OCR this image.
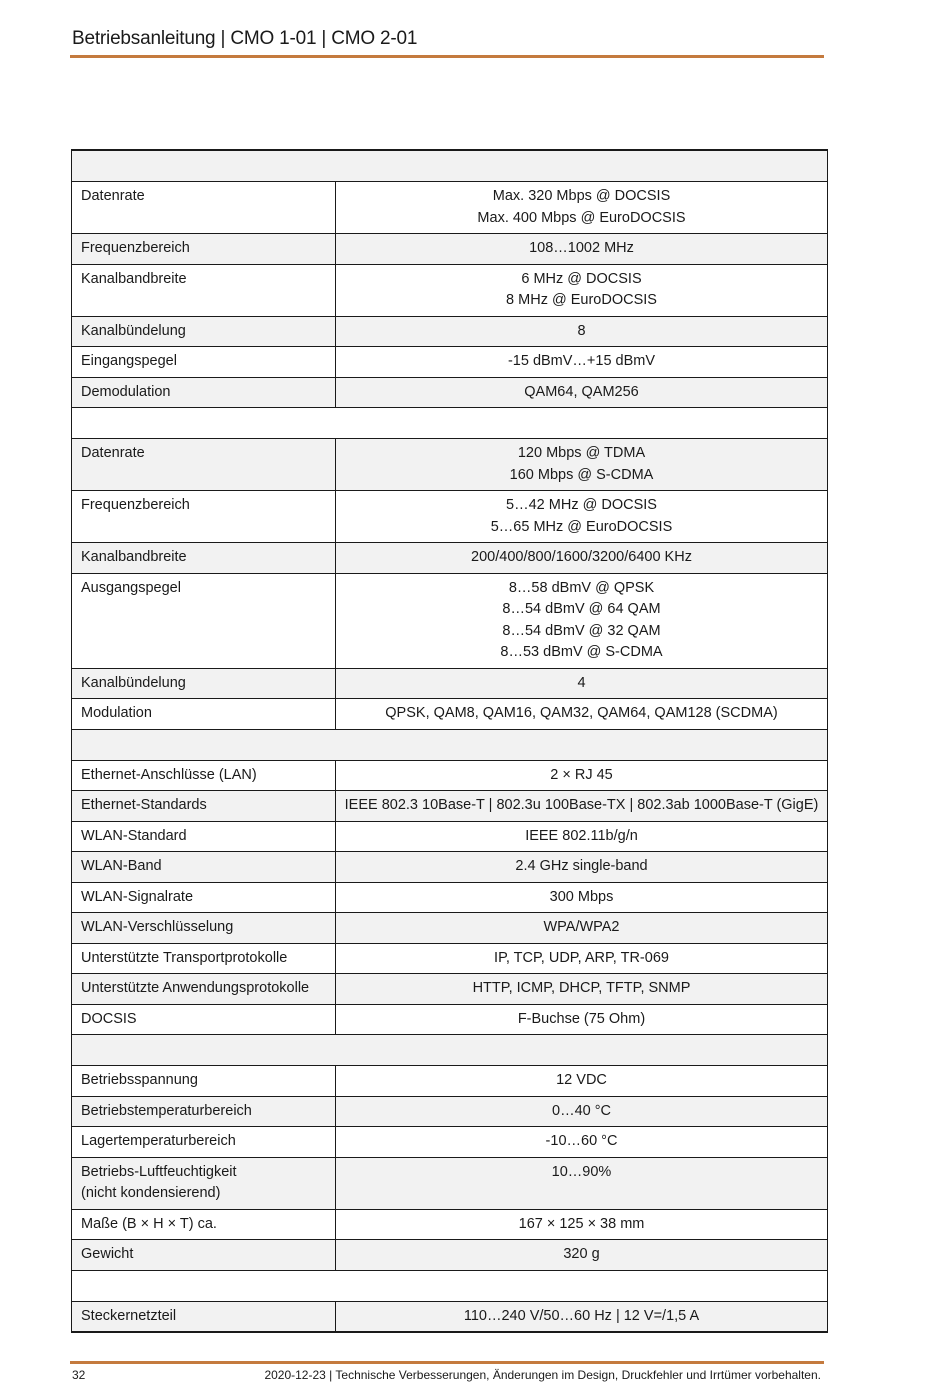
Betriebsanleitung | CMO 1-01 | CMO 2-01

Datenrate	Max. 320 Mbps @ DOCSIS
Max. 400 Mbps @ EuroDOCSIS
Frequenzbereich	108…1002 MHz
Kanalbandbreite	6 MHz @ DOCSIS
8 MHz @ EuroDOCSIS
Kanalbündelung	8
Eingangspegel	-15 dBmV…+15 dBmV
Demodulation	QAM64, QAM256

Datenrate	120 Mbps @ TDMA
160 Mbps @ S-CDMA
Frequenzbereich	5…42 MHz @ DOCSIS
5…65 MHz @ EuroDOCSIS
Kanalbandbreite	200/400/800/1600/3200/6400 KHz
Ausgangspegel	8…58 dBmV @ QPSK
8…54 dBmV @ 64 QAM
8…54 dBmV @ 32 QAM
8…53 dBmV @ S-CDMA
Kanalbündelung	4
Modulation	QPSK, QAM8, QAM16, QAM32, QAM64, QAM128 (SCDMA)

Ethernet-Anschlüsse (LAN)	2 × RJ 45
Ethernet-Standards	IEEE 802.3 10Base-T | 802.3u 100Base-TX | 802.3ab 1000Base-T (GigE)
WLAN-Standard	IEEE 802.11b/g/n
WLAN-Band	2.4 GHz single-band
WLAN-Signalrate	300 Mbps
WLAN-Verschlüsselung	WPA/WPA2
Unterstützte Transportprotokolle	IP, TCP, UDP, ARP, TR-069
Unterstützte Anwendungsprotokolle	HTTP, ICMP, DHCP, TFTP, SNMP
DOCSIS	F-Buchse (75 Ohm)

Betriebsspannung	12 VDC
Betriebstemperaturbereich	0…40 °C
Lagertemperaturbereich	-10…60 °C
Betriebs-Luftfeuchtigkeit
(nicht kondensierend)	10…90%
Maße (B × H × T) ca.	167 × 125 × 38 mm
Gewicht	320 g

Steckernetzteil	110…240 V/50…60 Hz | 12 V=/1,5 A
32	2020-12-23 | Technische Verbesserungen, Änderungen im Design, Druckfehler und Irrtümer vorbehalten.
